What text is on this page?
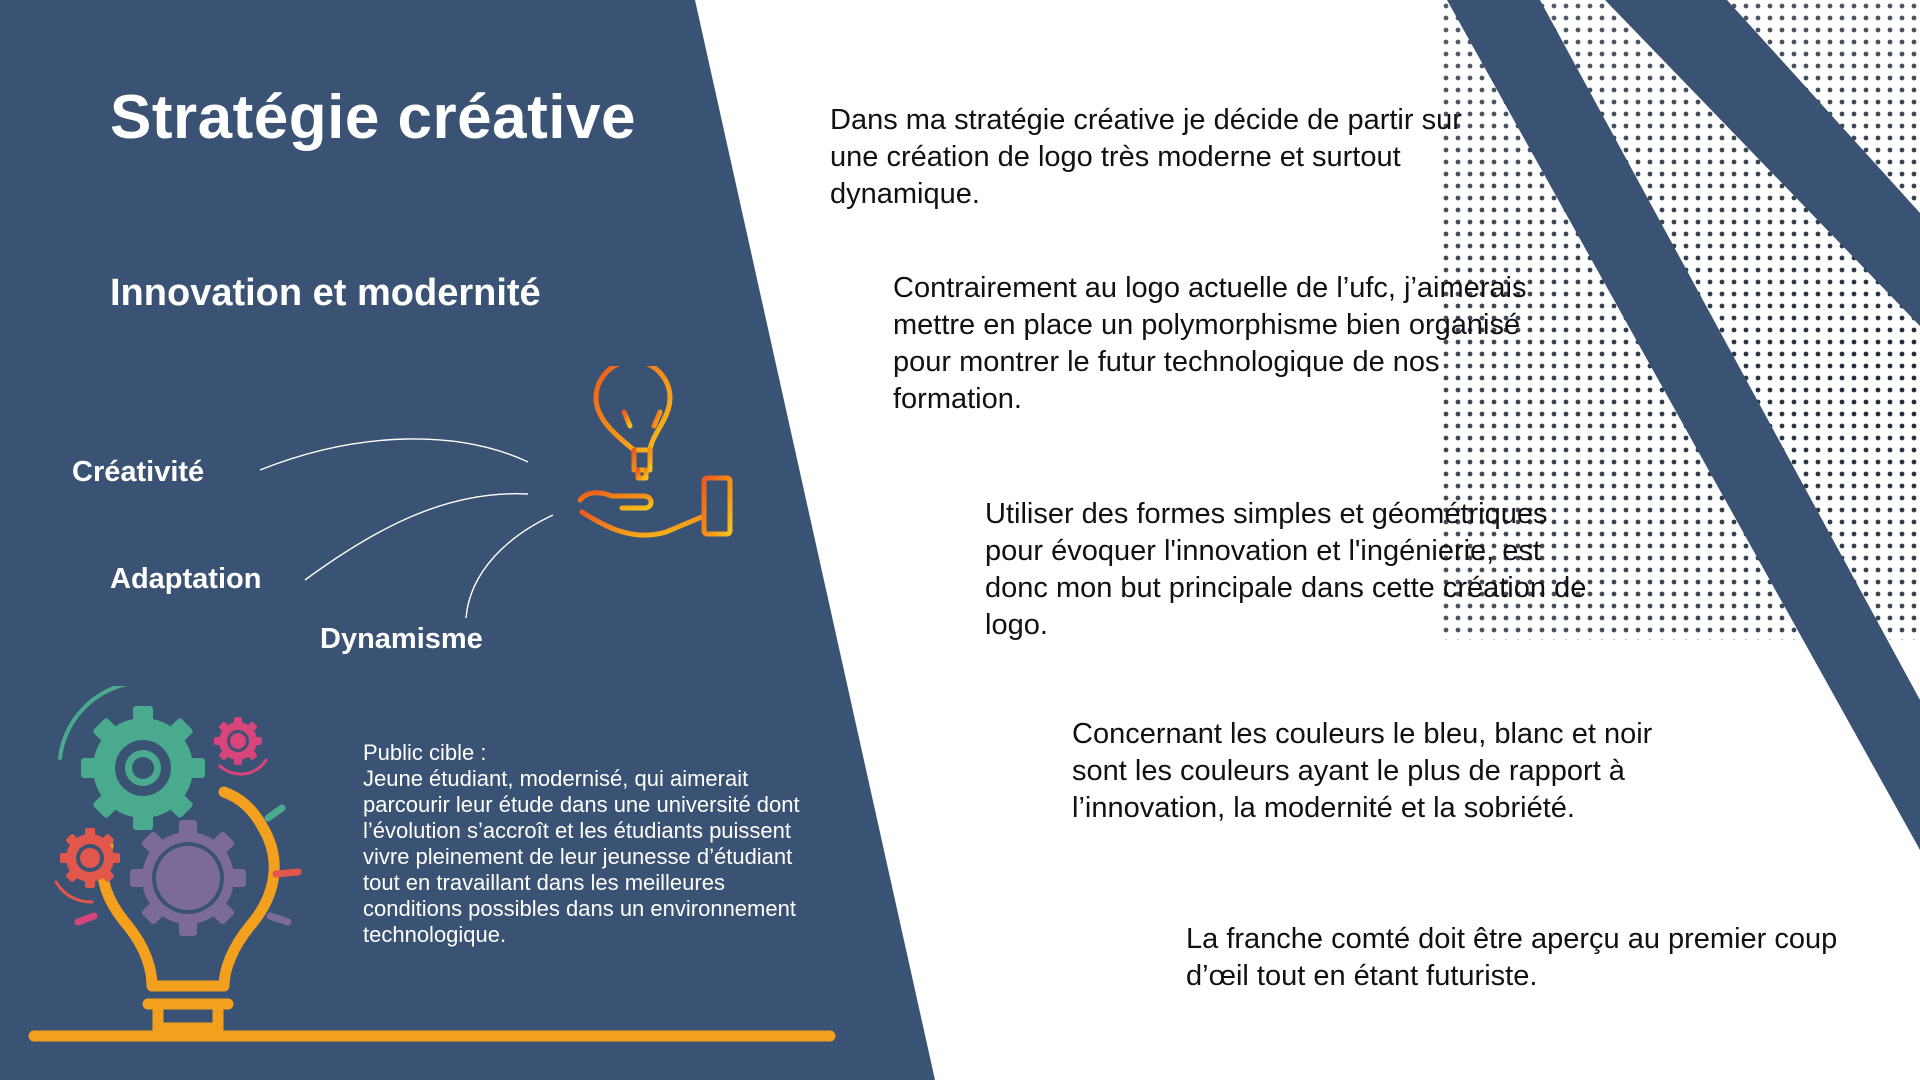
Stratégie créative
Innovation et modernité

Créativité

Adaptation

Dynamisme

Public cible :

Jeune étudiant, modernisé, qui aimerait parcourir leur étude dans une université dont l’évolution s’accroît et les étudiants puissent vivre pleinement de leur jeunesse d’étudiant tout en travaillant dans les meilleures conditions possibles dans un environnement technologique.

Dans ma stratégie créative je décide de partir sur une création de logo très moderne et surtout dynamique.

Contrairement au logo actuelle de l’ufc, j’aimerais mettre en place un polymorphisme bien organisé pour montrer le futur technologique de nos formation.

Utiliser des formes simples et géométriques pour évoquer l'innovation et l'ingénierie, est donc mon but principale dans cette création de logo.

Concernant les couleurs le bleu, blanc et noir sont les couleurs ayant le plus de rapport à l’innovation, la modernité et la sobriété.

La franche comté doit être aperçu au premier coup d’œil tout en étant futuriste.
